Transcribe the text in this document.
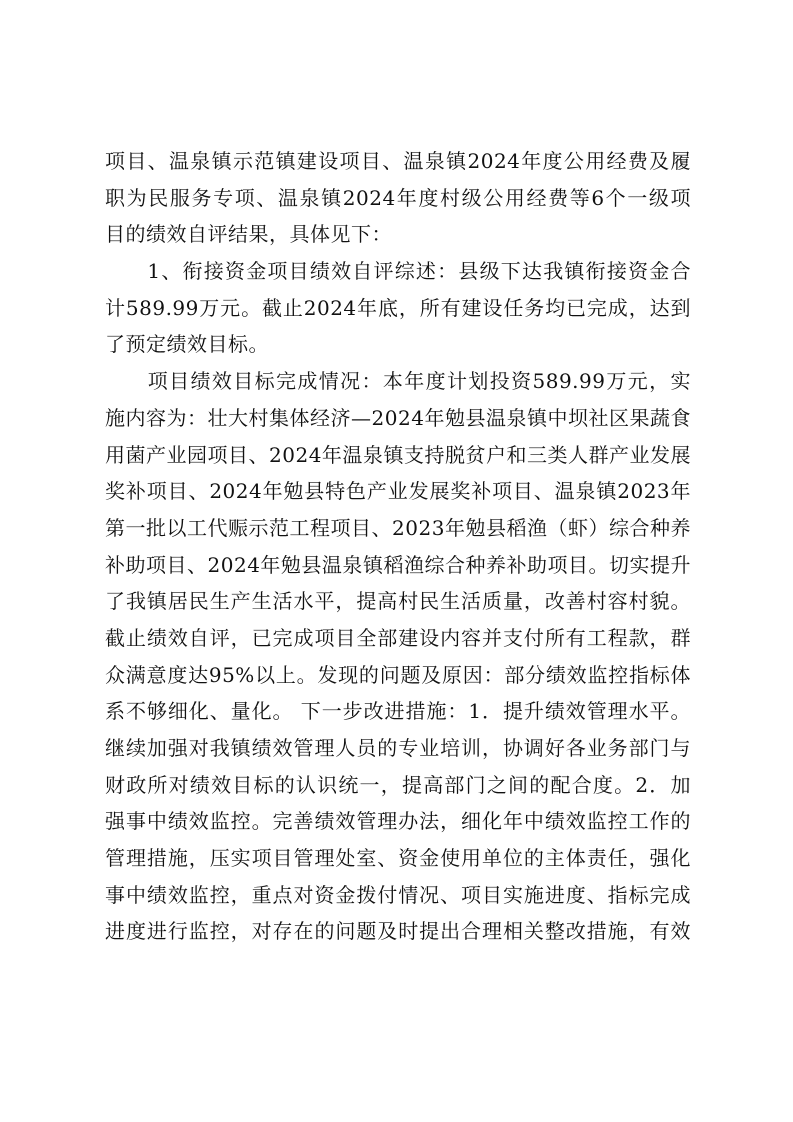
项目、温泉镇示范镇建设项目、温泉镇2024年度公用经费及履
职为民服务专项、温泉镇2024年度村级公用经费等6个一级项
目的绩效自评结果，具体见下：
　　1、衔接资金项目绩效自评综述：县级下达我镇衔接资金合
计589.99万元。截止2024年底，所有建设任务均已完成，达到
了预定绩效目标。
　　项目绩效目标完成情况：本年度计划投资589.99万元，实
施内容为：壮大村集体经济—2024年勉县温泉镇中坝社区果蔬食
用菌产业园项目、2024年温泉镇支持脱贫户和三类人群产业发展
奖补项目、2024年勉县特色产业发展奖补项目、温泉镇2023年
第一批以工代赈示范工程项目、2023年勉县稻渔（虾）综合种养
补助项目、2024年勉县温泉镇稻渔综合种养补助项目。切实提升
了我镇居民生产生活水平，提高村民生活质量，改善村容村貌。
截止绩效自评，已完成项目全部建设内容并支付所有工程款，群
众满意度达95%以上。发现的问题及原因：部分绩效监控指标体
系不够细化、量化。 下一步改进措施：1．提升绩效管理水平。
继续加强对我镇绩效管理人员的专业培训，协调好各业务部门与
财政所对绩效目标的认识统一，提高部门之间的配合度。2．加
强事中绩效监控。完善绩效管理办法，细化年中绩效监控工作的
管理措施，压实项目管理处室、资金使用单位的主体责任，强化
事中绩效监控，重点对资金拨付情况、项目实施进度、指标完成
进度进行监控，对存在的问题及时提出合理相关整改措施，有效
